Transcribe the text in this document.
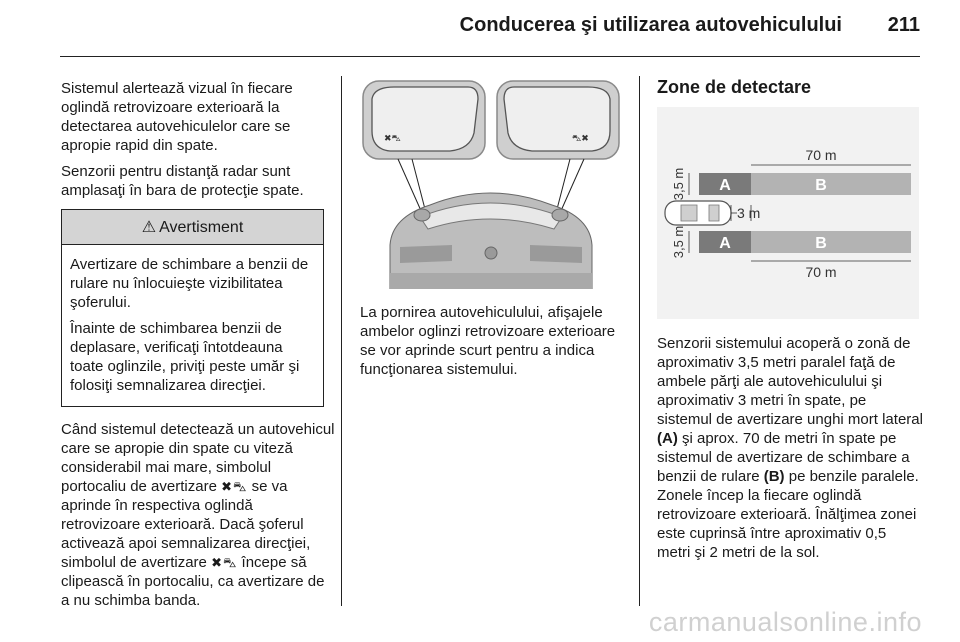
Conducerea şi utilizarea autovehiculului 211

Sistemul alertează vizual în fiecare oglindă retrovizoare exterioară la detectarea autovehiculelor care se apropie rapid din spate.

Senzorii pentru distanţă radar sunt amplasaţi în bara de protecţie spate.

⚠ Avertisment

Avertizare de schimbare a benzii de rulare nu înlocuieşte vizibilitatea şoferului.

Înainte de schimbarea benzii de deplasare, verificaţi întotdeauna toate oglinzile, priviţi peste umăr şi folosiţi semnalizarea direcţiei.

Când sistemul detectează un autovehicul care se apropie din spate cu viteză considerabil mai mare, simbolul portocaliu de avertizare ✖⛍ se va aprinde în respectiva oglindă retrovizoare exterioară. Dacă şoferul activează apoi semnalizarea direcţiei, simbolul de avertizare ✖⛍ începe să clipească în portocaliu, ca avertizare de a nu schimba banda.

✖⛍	⛍✖

La pornirea autovehiculului, afişajele ambelor oglinzi retrovizoare exterioare se vor aprinde scurt pentru a indica funcţionarea sistemului.

Zone de detectare
A	B
A	B
70 m
70 m
3 m
3,5 m
3,5 m

Senzorii sistemului acoperă o zonă de aproximativ 3,5 metri paralel faţă de ambele părţi ale autovehiculului şi aproximativ 3 metri în spate, pe sistemul de avertizare unghi mort lateral (A) şi aprox. 70 de metri în spate pe sistemul de avertizare de schimbare a benzii de rulare (B) pe benzile paralele. Zonele încep la fiecare oglindă retrovizoare exterioară. Înălţimea zonei este cuprinsă între aproximativ 0,5 metri şi 2 metri de la sol.

carmanualsonline.info
